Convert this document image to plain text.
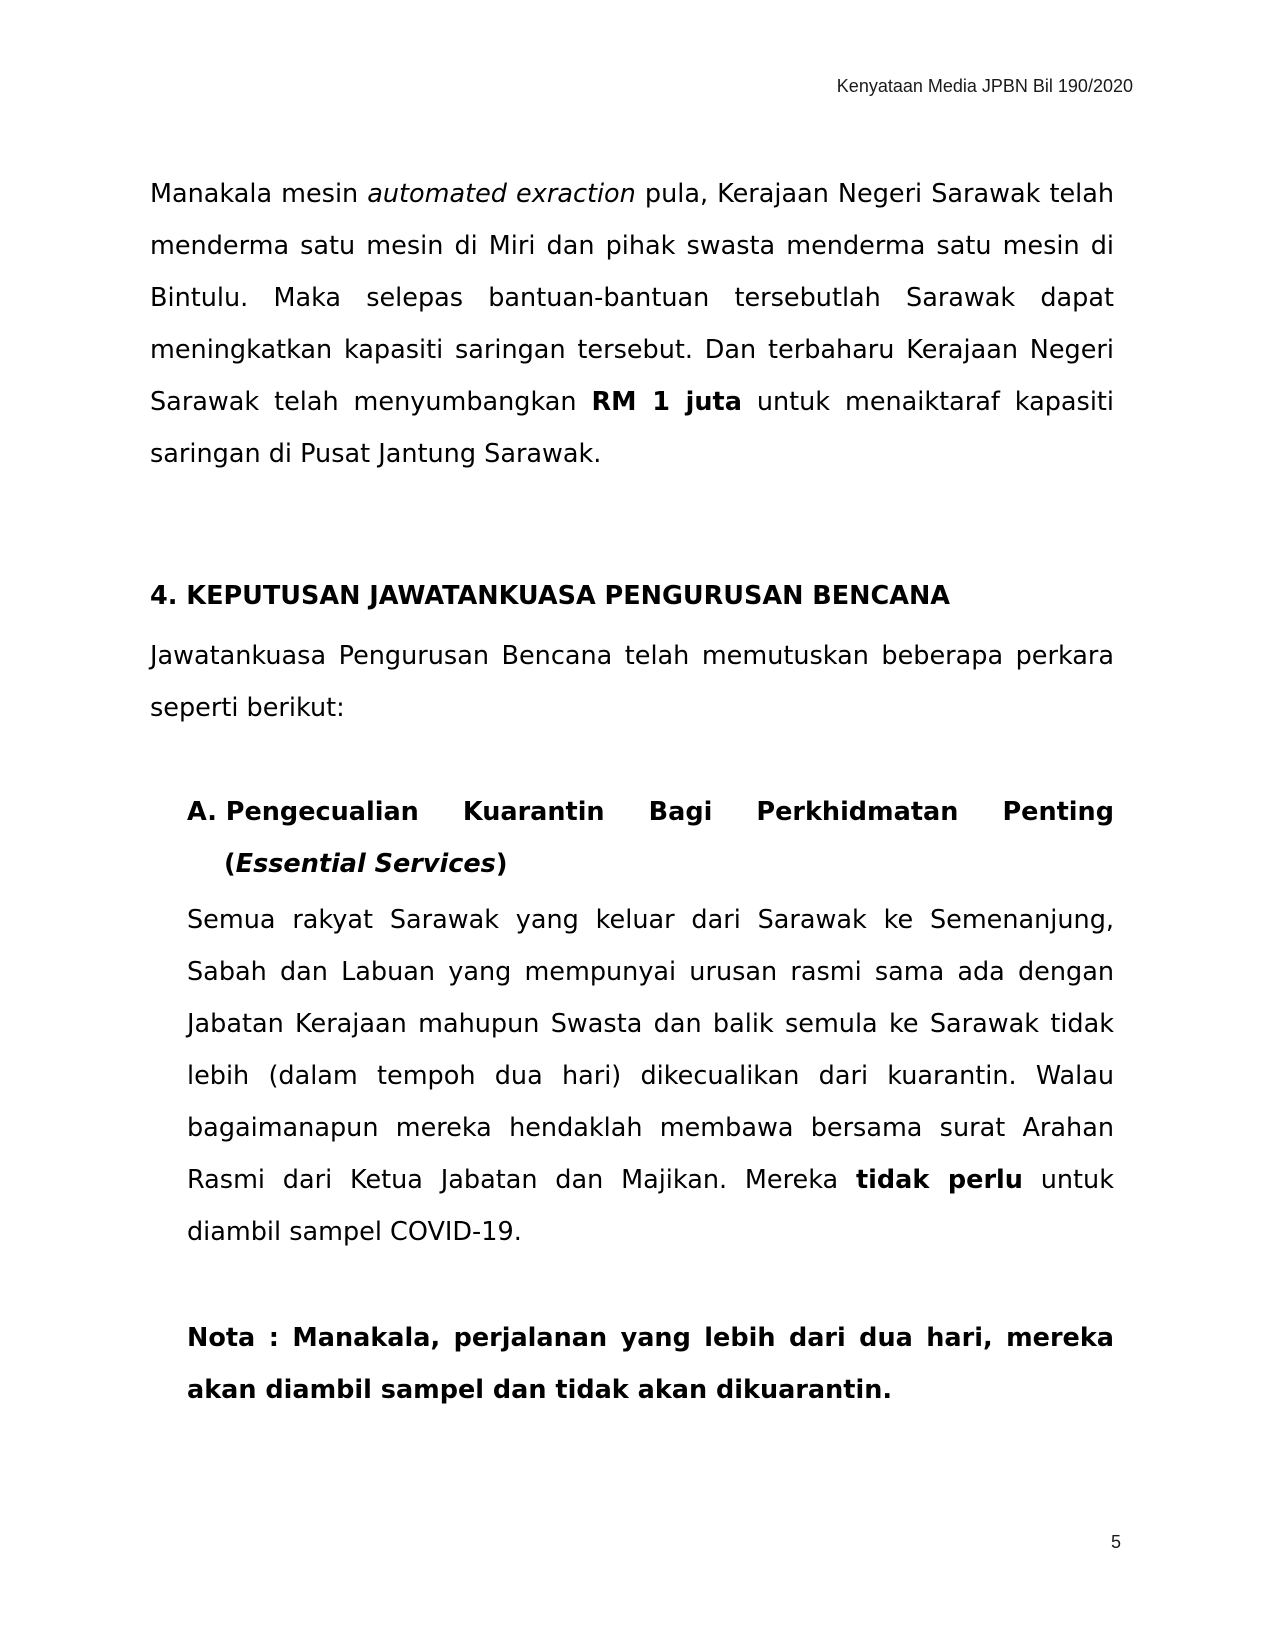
Kenyataan Media JPBN Bil 190/2020

Manakala mesin automated exraction pula, Kerajaan Negeri Sarawak telah menderma satu mesin di Miri dan pihak swasta menderma satu mesin di Bintulu. Maka selepas bantuan-bantuan tersebutlah Sarawak dapat meningkatkan kapasiti saringan tersebut. Dan terbaharu Kerajaan Negeri Sarawak telah menyumbangkan RM 1 juta untuk menaiktaraf kapasiti saringan di Pusat Jantung Sarawak.

4. KEPUTUSAN JAWATANKUASA PENGURUSAN BENCANA

Jawatankuasa Pengurusan Bencana telah memutuskan beberapa perkara seperti berikut:

A. Pengecualian Kuarantin Bagi Perkhidmatan Penting
(Essential Services)

Semua rakyat Sarawak yang keluar dari Sarawak ke Semenanjung, Sabah dan Labuan yang mempunyai urusan rasmi sama ada dengan Jabatan Kerajaan mahupun Swasta dan balik semula ke Sarawak tidak lebih (dalam tempoh dua hari) dikecualikan dari kuarantin. Walau bagaimanapun mereka hendaklah membawa bersama surat Arahan Rasmi dari Ketua Jabatan dan Majikan. Mereka tidak perlu untuk diambil sampel COVID-19.

Nota : Manakala, perjalanan yang lebih dari dua hari, mereka akan diambil sampel dan tidak akan dikuarantin.

5
